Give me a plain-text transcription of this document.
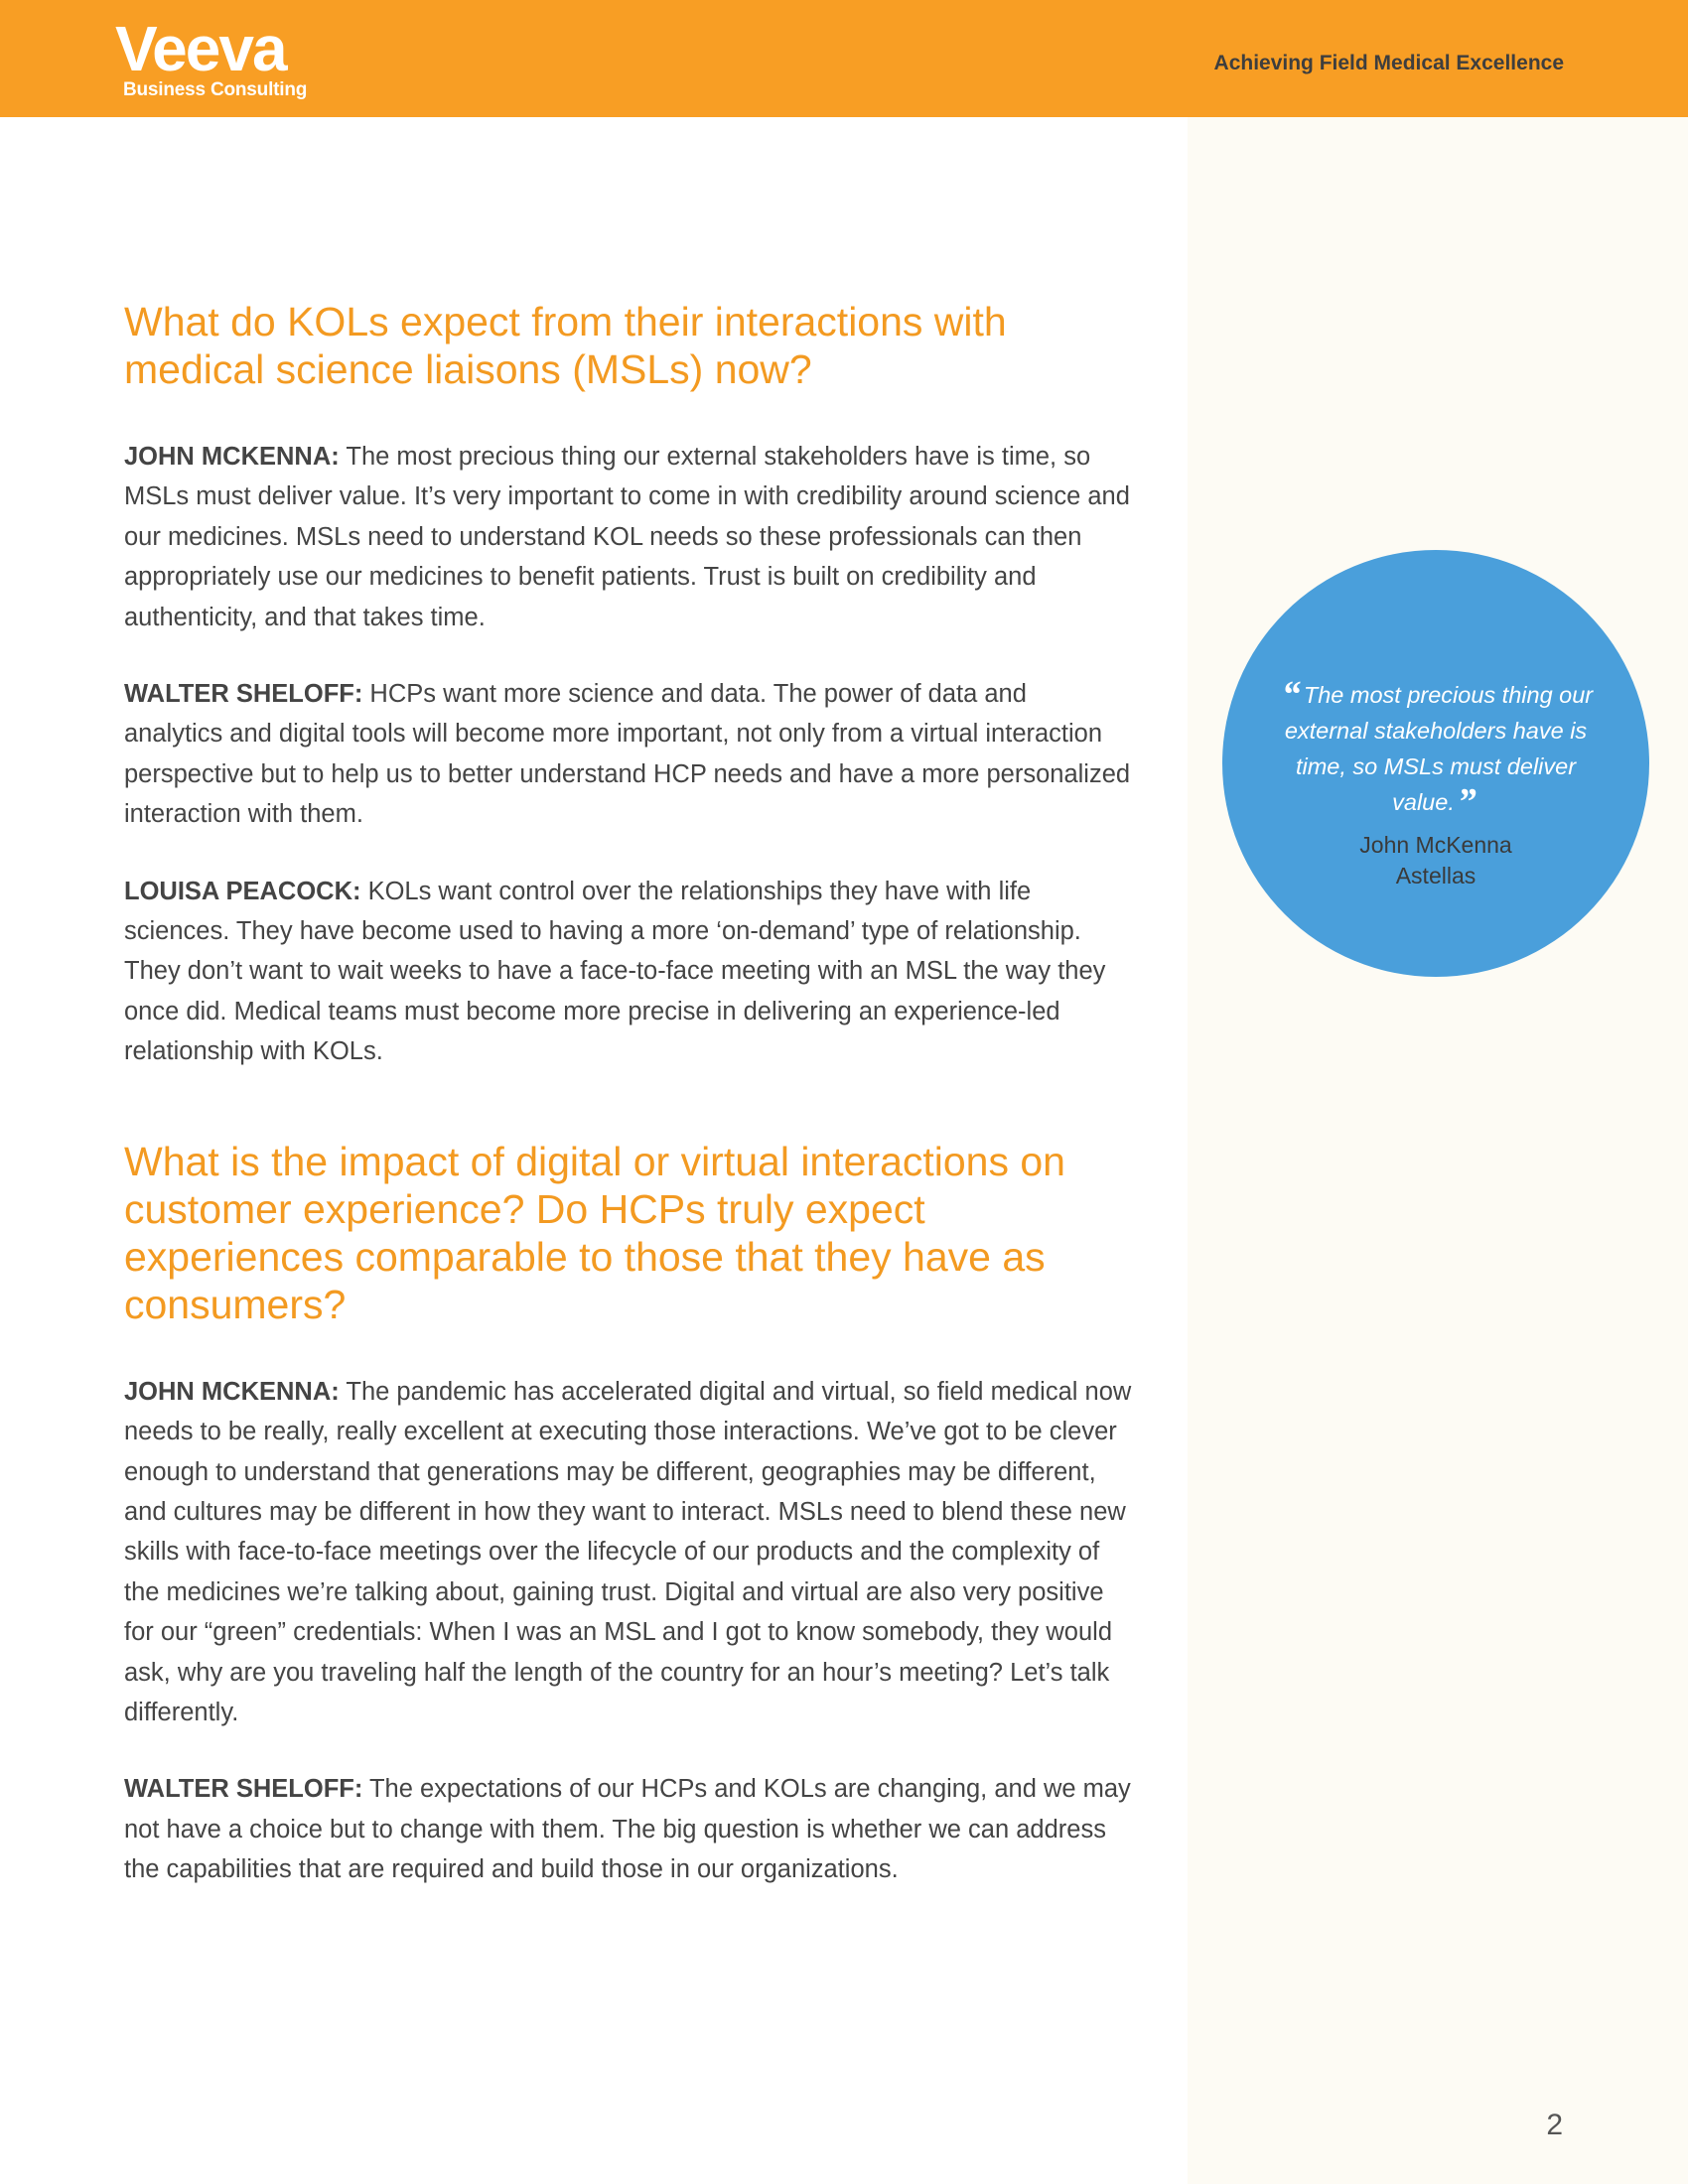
Veeva
Business Consulting
Achieving Field Medical Excellence
What do KOLs expect from their interactions with medical science liaisons (MSLs) now?

JOHN MCKENNA: The most precious thing our external stakeholders have is time, so MSLs must deliver value. It’s very important to come in with credibility around science and our medicines. MSLs need to understand KOL needs so these professionals can then appropriately use our medicines to benefit patients. Trust is built on credibility and authenticity, and that takes time.

WALTER SHELOFF: HCPs want more science and data. The power of data and analytics and digital tools will become more important, not only from a virtual interaction perspective but to help us to better understand HCP needs and have a more personalized interaction with them.

LOUISA PEACOCK: KOLs want control over the relationships they have with life sciences. They have become used to having a more ‘on-demand’ type of relationship. They don’t want to wait weeks to have a face-to-face meeting with an MSL the way they once did. Medical teams must become more precise in delivering an experience-led relationship with KOLs.

What is the impact of digital or virtual interactions on customer experience? Do HCPs truly expect experiences comparable to those that they have as consumers?

JOHN MCKENNA: The pandemic has accelerated digital and virtual, so field medical now needs to be really, really excellent at executing those interactions. We’ve got to be clever enough to understand that generations may be different, geographies may be different, and cultures may be different in how they want to interact. MSLs need to blend these new skills with face-to-face meetings over the lifecycle of our products and the complexity of the medicines we’re talking about, gaining trust. Digital and virtual are also very positive for our “green” credentials: When I was an MSL and I got to know somebody, they would ask, why are you traveling half the length of the country for an hour’s meeting? Let’s talk differently.

WALTER SHELOFF: The expectations of our HCPs and KOLs are changing, and we may not have a choice but to change with them. The big question is whether we can address the capabilities that are required and build those in our organizations.

“ The most precious thing our external stakeholders have is time, so MSLs must deliver value.”
John McKenna
Astellas
2
